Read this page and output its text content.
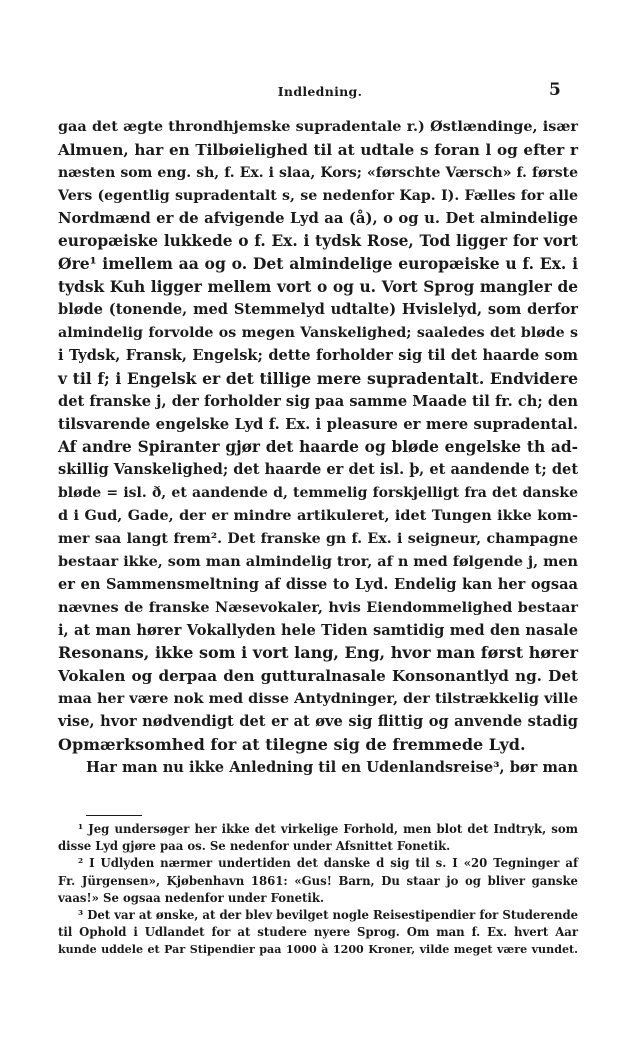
Indledning.	5
gaa det ægte throndhjemske supradentale r.) Østlændinge, især
Almuen, har en Tilbøielighed til at udtale s foran l og efter r
næsten som eng. sh, f. Ex. i slaa, Kors; «førschte Værsch» f. første
Vers (egentlig supradentalt s, se nedenfor Kap. I). Fælles for alle
Nordmænd er de afvigende Lyd aa (å), o og u. Det almindelige
europæiske lukkede o f. Ex. i tydsk Rose, Tod ligger for vort
Øre¹ imellem aa og o. Det almindelige europæiske u f. Ex. i
tydsk Kuh ligger mellem vort o og u. Vort Sprog mangler de
bløde (tonende, med Stemmelyd udtalte) Hvislelyd, som derfor
almindelig forvolde os megen Vanskelighed; saaledes det bløde s
i Tydsk, Fransk, Engelsk; dette forholder sig til det haarde som
v til f; i Engelsk er det tillige mere supradentalt. Endvidere
det franske j, der forholder sig paa samme Maade til fr. ch; den
tilsvarende engelske Lyd f. Ex. i pleasure er mere supradental.
Af andre Spiranter gjør det haarde og bløde engelske th ad-
skillig Vanskelighed; det haarde er det isl. þ, et aandende t; det
bløde = isl. ð, et aandende d, temmelig forskjelligt fra det danske
d i Gud, Gade, der er mindre artikuleret, idet Tungen ikke kom-
mer saa langt frem². Det franske gn f. Ex. i seigneur, champagne
bestaar ikke, som man almindelig tror, af n med følgende j, men
er en Sammensmeltning af disse to Lyd. Endelig kan her ogsaa
nævnes de franske Næsevokaler, hvis Eiendommelighed bestaar
i, at man hører Vokallyden hele Tiden samtidig med den nasale
Resonans, ikke som i vort lang, Eng, hvor man først hører
Vokalen og derpaa den gutturalnasale Konsonantlyd ng. Det
maa her være nok med disse Antydninger, der tilstrækkelig ville
vise, hvor nødvendigt det er at øve sig flittig og anvende stadig
Opmærksomhed for at tilegne sig de fremmede Lyd.
Har man nu ikke Anledning til en Udenlandsreise³, bør man
¹ Jeg undersøger her ikke det virkelige Forhold, men blot det Indtryk, som
disse Lyd gjøre paa os. Se nedenfor under Afsnittet Fonetik.
² I Udlyden nærmer undertiden det danske d sig til s. I «20 Tegninger af
Fr. Jürgensen», Kjøbenhavn 1861: «Gus! Barn, Du staar jo og bliver ganske
vaas!» Se ogsaa nedenfor under Fonetik.
³ Det var at ønske, at der blev bevilget nogle Reisestipendier for Studerende
til Ophold i Udlandet for at studere nyere Sprog. Om man f. Ex. hvert Aar
kunde uddele et Par Stipendier paa 1000 à 1200 Kroner, vilde meget være vundet.
